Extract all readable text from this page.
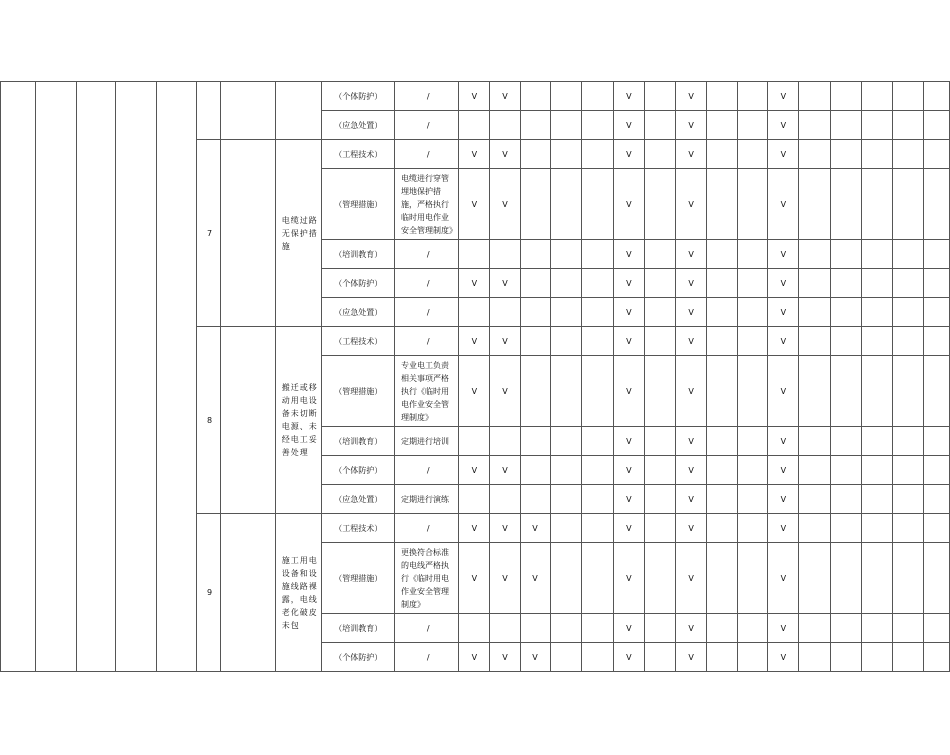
								（个体防护）	/	V	V				V		V			V					
								（应急处置）	/						V		V			V					
					7		电缆过路无保护措施	（工程技术）	/	V	V				V		V			V					
								（管理措施）	电缆进行穿管埋地保护措施，严格执行临时用电作业安全管理制度》	V	V				V		V			V					
								（培训教育）	/						V		V			V					
								（个体防护）	/	V	V				V		V			V					
								（应急处置）	/						V		V			V					
					8		搬迁或移动用电设备未切断电源、未经电工妥善处理	（工程技术）	/	V	V				V		V			V					
								（管理措施）	专业电工负责相关事项严格执行《临时用电作业安全管理制度》	V	V				V		V			V					
								（培训教育）	定期进行培训						V		V			V					
								（个体防护）	/	V	V				V		V			V					
								（应急处置）	定期进行演练						V		V			V					
					9		施工用电设备和设施线路裸露，电线老化破皮未包	（工程技术）	/	V	V	V			V		V			V					
								（管理措施）	更换符合标准的电线严格执行《临时用电作业安全管理制度》	V	V	V			V		V			V					
								（培训教育）	/						V		V			V					
								（个体防护）	/	V	V	V			V		V			V					
